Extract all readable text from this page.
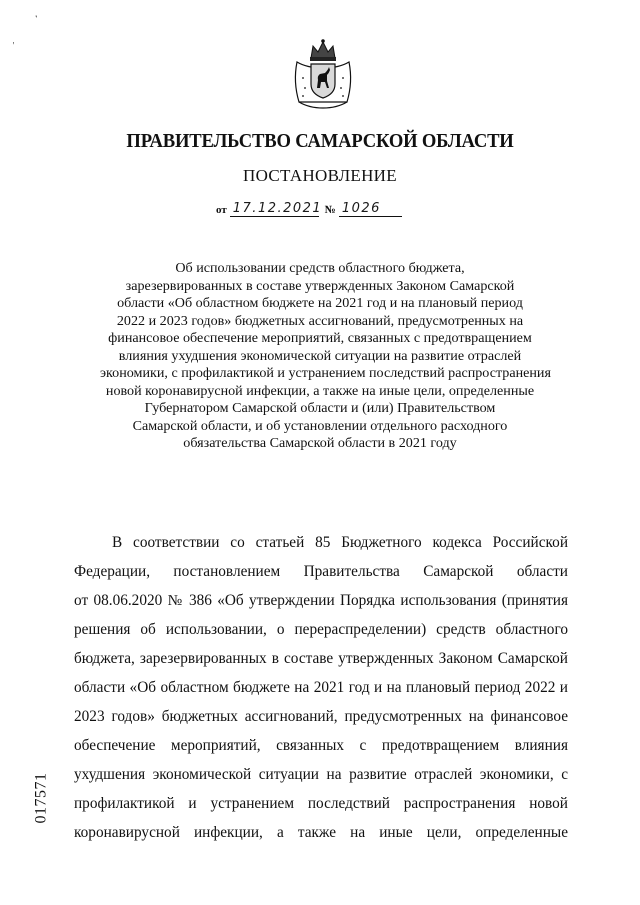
ʼ
ʹ
ПРАВИТЕЛЬСТВО САМАРСКОЙ ОБЛАСТИ
ПОСТАНОВЛЕНИЕ
от 17.12.2021 № 1026
Об использовании средств областного бюджета,
зарезервированных в составе утвержденных Законом Самарской
области «Об областном бюджете на 2021 год и на плановый период
2022 и 2023 годов» бюджетных ассигнований, предусмотренных на
финансовое обеспечение мероприятий, связанных с предотвращением
влияния ухудшения экономической ситуации на развитие отраслей
экономики, с профилактикой и устранением последствий распространения
новой коронавирусной инфекции, а также на иные цели, определенные
Губернатором Самарской области и (или) Правительством
Самарской области, и об установлении отдельного расходного
обязательства Самарской области в 2021 году
В соответствии со статьей 85 Бюджетного кодекса Российской
Федерации, постановлением Правительства Самарской области
от 08.06.2020 № 386 «Об утверждении Порядка использования (принятия
решения об использовании, о перераспределении) средств областного
бюджета, зарезервированных в составе утвержденных Законом Самарской
области «Об областном бюджете на 2021 год и на плановый период 2022 и
2023 годов» бюджетных ассигнований, предусмотренных на финансовое
обеспечение мероприятий, связанных с предотвращением влияния
ухудшения экономической ситуации на развитие отраслей экономики, с
профилактикой и устранением последствий распространения новой
коронавирусной инфекции, а также на иные цели, определенные
017571
